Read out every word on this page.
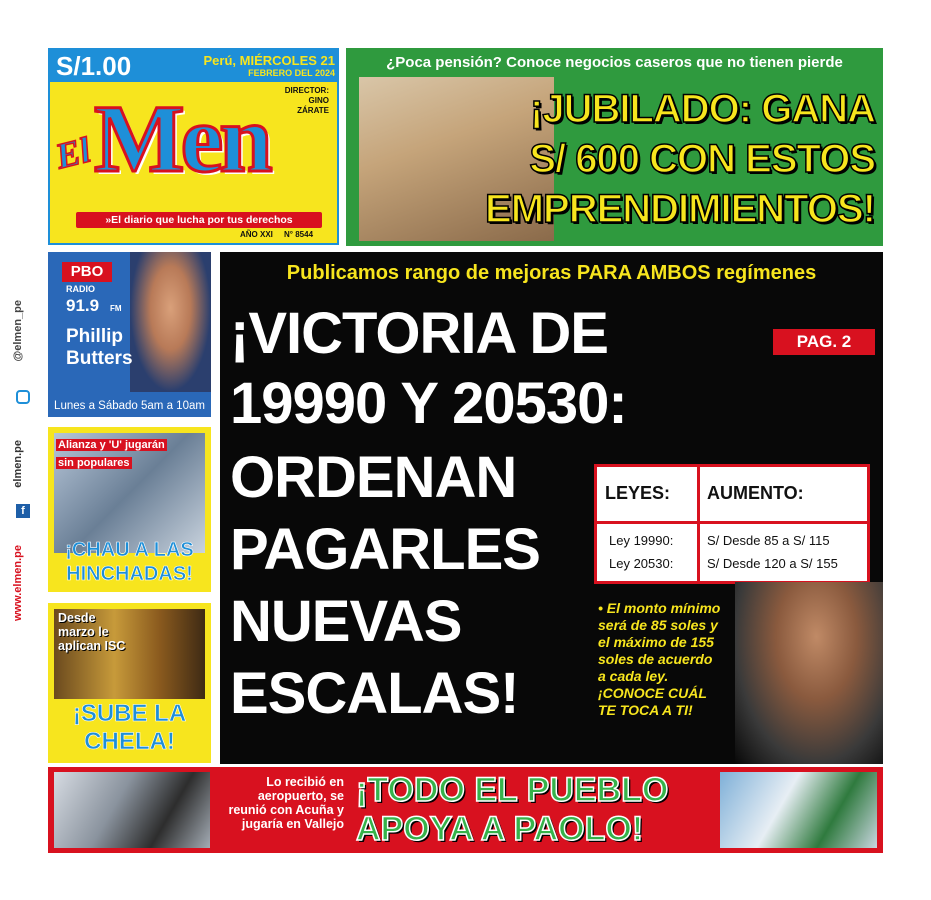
@elmen_pe
elmen.pe
f
www.elmen.pe
S/1.00	Perú, MIÉRCOLES 21
FEBRERO DEL 2024
DIRECTOR:
GINO
ZÁRATE
El Men
»El diario que lucha por tus derechos
AÑO XXI N° 8544
¿Poca pensión? Conoce negocios caseros que no tienen pierde
¡JUBILADO: GANA
S/ 600 CON ESTOS
EMPRENDIMIENTOS!
PBO
RADIO
91.9 FM
Phillip
Butters
Lunes a Sábado 5am a 10am
Alianza y 'U' jugarán sin populares
¡CHAU A LAS
HINCHADAS!
Desde
marzo le
aplican ISC
¡SUBE LA
CHELA!
Publicamos rango de mejoras PARA AMBOS regímenes
¡VICTORIA DE
19990 Y 20530:
ORDENAN
PAGARLES
NUEVAS
ESCALAS!
PAG. 2
LEYES: AUMENTO:
Ley 19990:	S/ Desde 85 a S/ 115
Ley 20530:	S/ Desde 120 a S/ 155
• El monto mínimo
será de 85 soles y
el máximo de 155
soles de acuerdo
a cada ley.
¡CONOCE CUÁL
TE TOCA A TI!
Lo recibió en
aeropuerto, se
reunió con Acuña y
jugaría en Vallejo
¡TODO EL PUEBLO
APOYA A PAOLO!
